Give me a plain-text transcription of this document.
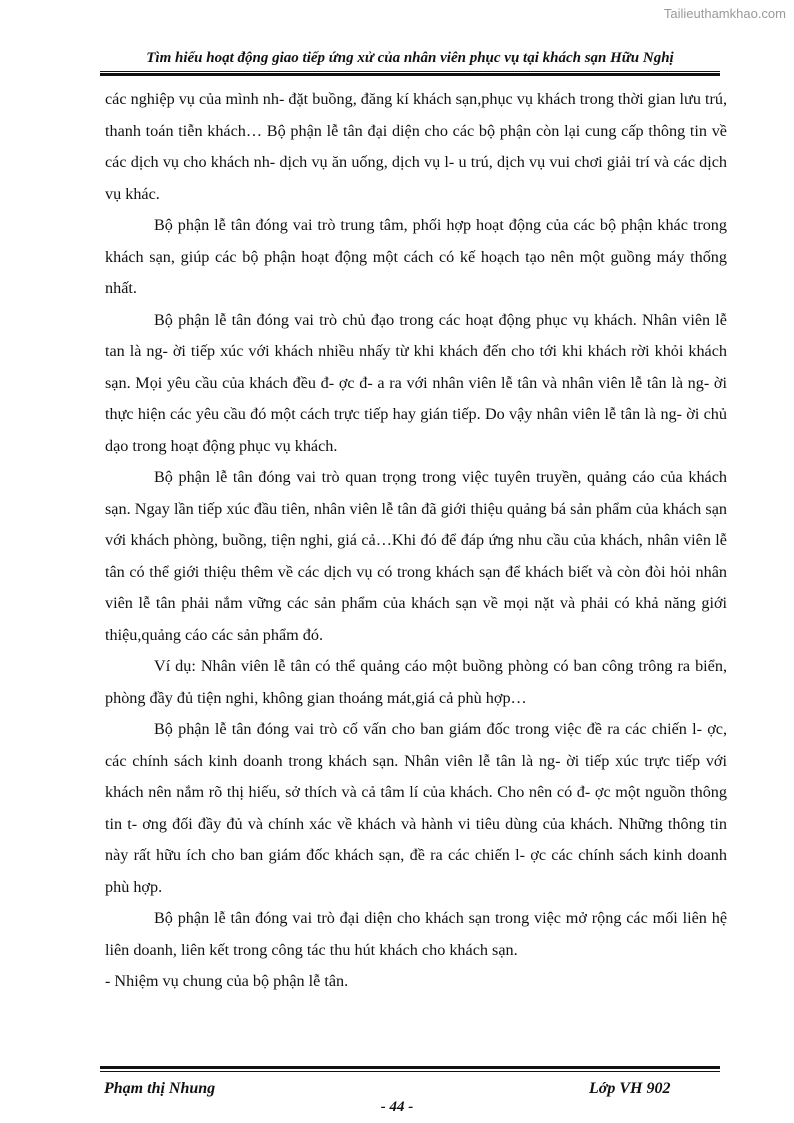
Tailieuthamkhao.com
Tìm hiểu hoạt động giao tiếp ứng xử của nhân viên phục vụ tại khách sạn Hữu Nghị

các nghiệp vụ của mình nh- đặt buồng, đăng kí khách sạn,phục vụ khách trong thời gian lưu trú, thanh toán tiễn khách… Bộ phận lễ tân đại diện cho các bộ phận còn lại cung cấp thông tin về các dịch vụ cho khách nh- dịch vụ ăn uống, dịch vụ l- u trú, dịch vụ vui chơi giải trí và các dịch vụ khác.

Bộ phận lễ tân đóng vai trò trung tâm, phối hợp hoạt động của các bộ phận khác trong khách sạn, giúp các bộ phận hoạt động một cách có kế hoạch tạo nên một guồng máy thống nhất.

Bộ phận lễ tân đóng vai trò chủ đạo trong các hoạt động phục vụ khách. Nhân viên lễ tan là ng- ời tiếp xúc với khách nhiều nhấy từ khi khách đến cho tới khi khách rời khỏi khách sạn. Mọi yêu cầu của khách đều đ- ợc đ- a ra với nhân viên lễ tân và nhân viên lễ tân là ng- ời thực hiện các yêu cầu đó một cách trực tiếp hay gián tiếp. Do vậy nhân viên lễ tân là ng- ời chủ dạo trong hoạt động phục vụ khách.

Bộ phận lễ tân đóng vai trò quan trọng trong việc tuyên truyền, quảng cáo của khách sạn. Ngay lần tiếp xúc đầu tiên, nhân viên lễ tân đã giới thiệu quảng bá sản phẩm của khách sạn với khách phòng, buồng, tiện nghi, giá cả…Khi đó để đáp ứng nhu cầu của khách, nhân viên lễ tân có thể giới thiệu thêm về các dịch vụ có trong khách sạn để khách biết và còn đòi hỏi nhân viên lễ tân phải nắm vững các sản phẩm của khách sạn về mọi nặt và phải có khả năng giới thiệu,quảng cáo các sản phẩm đó.

Ví dụ: Nhân viên lễ tân có thể quảng cáo một buồng phòng có ban công trông ra biển, phòng đầy đủ tiện nghi, không gian thoáng mát,giá cả phù hợp…

Bộ phận lễ tân đóng vai trò cố vấn cho ban giám đốc trong việc đề ra các chiến l- ợc, các chính sách kinh doanh trong khách sạn. Nhân viên lễ tân là ng- ời tiếp xúc trực tiếp với khách nên nắm rõ thị hiếu, sở thích và cả tâm lí của khách. Cho nên có đ- ợc một nguồn thông tin t- ơng đối đầy đủ và chính xác về khách và hành vi tiêu dùng của khách. Những thông tin này rất hữu ích cho ban giám đốc khách sạn, đề ra các chiến l- ợc các chính sách kinh doanh phù hợp.

Bộ phận lễ tân đóng vai trò đại diện cho khách sạn trong việc mở rộng các mối liên hệ liên doanh, liên kết trong công tác thu hút khách cho khách sạn.

- Nhiệm vụ chung của bộ phận lễ tân.

Phạm thị Nhung	Lớp VH 902
- 44 -
